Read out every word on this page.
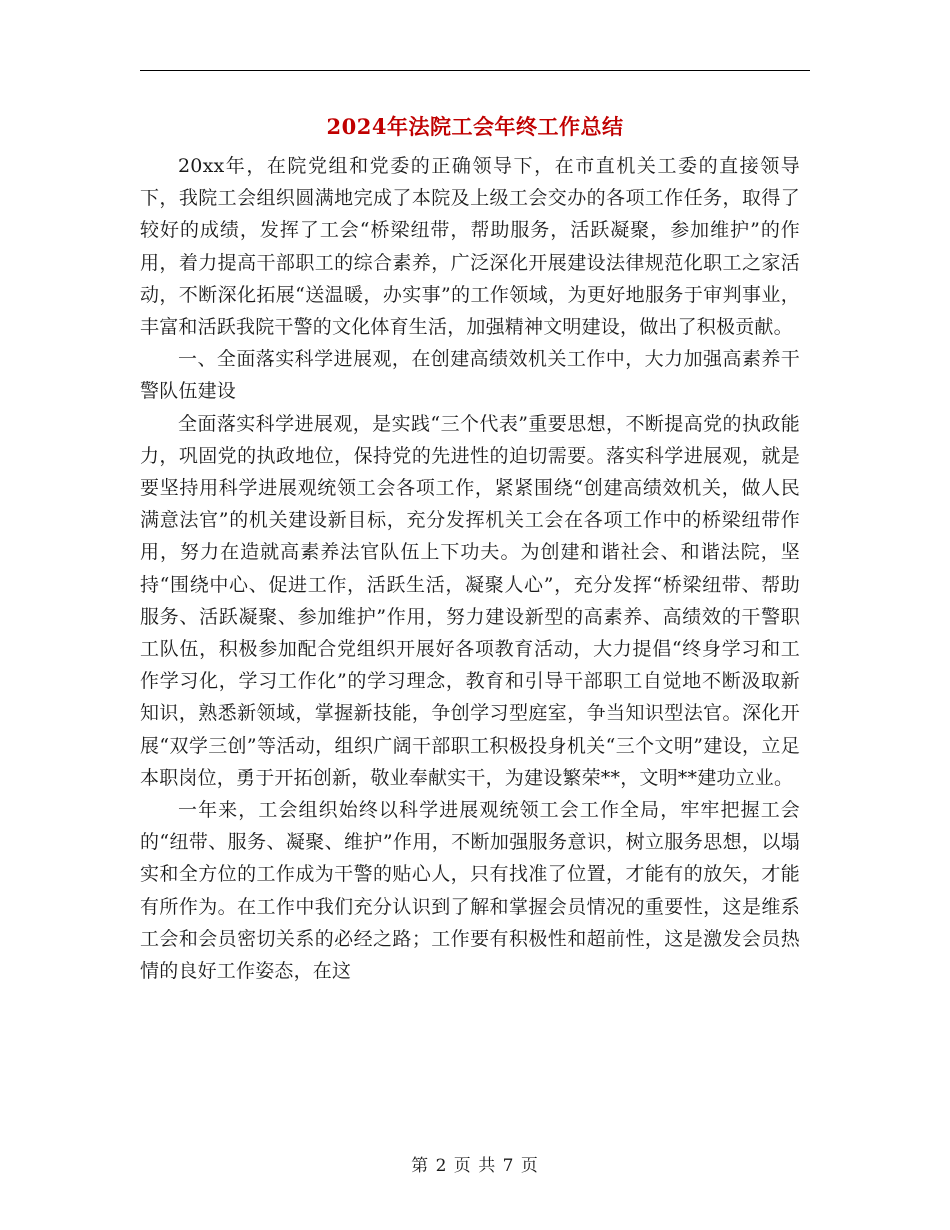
2024年法院工会年终工作总结

20xx年，在院党组和党委的正确领导下，在市直机关工委的直接领导下，我院工会组织圆满地完成了本院及上级工会交办的各项工作任务，取得了较好的成绩，发挥了工会“桥梁纽带，帮助服务，活跃凝聚，参加维护”的作用，着力提高干部职工的综合素养，广泛深化开展建设法律规范化职工之家活动，不断深化拓展“送温暖，办实事”的工作领域，为更好地服务于审判事业，丰富和活跃我院干警的文化体育生活，加强精神文明建设，做出了积极贡献。

一、全面落实科学进展观，在创建高绩效机关工作中，大力加强高素养干警队伍建设

全面落实科学进展观，是实践“三个代表”重要思想，不断提高党的执政能力，巩固党的执政地位，保持党的先进性的迫切需要。落实科学进展观，就是要坚持用科学进展观统领工会各项工作，紧紧围绕“创建高绩效机关，做人民满意法官”的机关建设新目标，充分发挥机关工会在各项工作中的桥梁纽带作用，努力在造就高素养法官队伍上下功夫。为创建和谐社会、和谐法院，坚持“围绕中心、促进工作，活跃生活，凝聚人心”，充分发挥“桥梁纽带、帮助服务、活跃凝聚、参加维护”作用，努力建设新型的高素养、高绩效的干警职工队伍，积极参加配合党组织开展好各项教育活动，大力提倡“终身学习和工作学习化，学习工作化”的学习理念，教育和引导干部职工自觉地不断汲取新知识，熟悉新领域，掌握新技能，争创学习型庭室，争当知识型法官。深化开展“双学三创”等活动，组织广阔干部职工积极投身机关“三个文明”建设，立足本职岗位，勇于开拓创新，敬业奉献实干，为建设繁荣**，文明**建功立业。

一年来，工会组织始终以科学进展观统领工会工作全局，牢牢把握工会的“纽带、服务、凝聚、维护”作用，不断加强服务意识，树立服务思想，以塌实和全方位的工作成为干警的贴心人，只有找准了位置，才能有的放矢，才能有所作为。在工作中我们充分认识到了解和掌握会员情况的重要性，这是维系工会和会员密切关系的必经之路；工作要有积极性和超前性，这是激发会员热情的良好工作姿态，在这

第 2 页 共 7 页
